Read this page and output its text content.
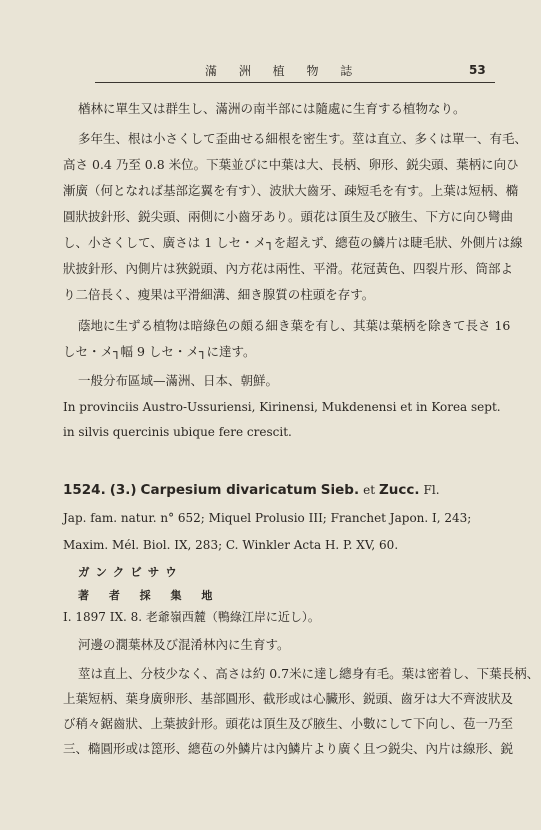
滿 洲 植 物 誌	53
楢林に單生又は群生し、滿洲の南半部には隨處に生育する植物なり。
多年生、根は小さくして歪曲せる細根を密生す。莖は直立、多くは單一、有毛、
高さ 0.4 乃至 0.8 米位。下葉並びに中葉は大、長柄、卵形、鋭尖頭、葉柄に向ひ
漸廣（何となれば基部迄翼を有す）、波狀大齒牙、疎短毛を有す。上葉は短柄、橢
圓狀披針形、鋭尖頭、兩側に小齒牙あり。頭花は頂生及び腋生、下方に向ひ彎曲
し、小さくして、廣さは 1 しセ・メ┐を超えず、總苞の鱗片は睫毛狀、外側片は線
狀披針形、內側片は狹鋭頭、內方花は兩性、平滑。花冠黃色、四裂片形、筒部よ
り二倍長く、瘦果は平滑細溝、細き腺質の柱頭を存す。
蔭地に生ずる植物は暗綠色の頗る細き葉を有し、其葉は葉柄を除きて長さ 16
しセ・メ┐幅 9 しセ・メ┐に達す。
一般分布區域—滿洲、日本、朝鮮。
In provinciis Austro-Ussuriensi, Kirinensi, Mukdenensi et in Korea sept.
in silvis quercinis ubique fere crescit.
1524. (3.) Carpesium divaricatum Sieb. et Zucc. Fl.
Jap. fam. natur. n° 652; Miquel Prolusio III; Franchet Japon. I, 243;
Maxim. Mél. Biol. IX, 283; C. Winkler Acta H. P. XV, 60.
ガンクビサウ
著 者 採 集 地
I. 1897 IX. 8. 老爺嶺西麓（鴨綠江岸に近し）。
河邊の濶葉林及び混淆林內に生育す。
莖は直上、分枝少なく、高さは約 0.7米に達し總身有毛。葉は密着し、下葉長柄、
上葉短柄、葉身廣卵形、基部圓形、截形或は心臟形、鋭頭、齒牙は大不齊波狀及
び稍々鋸齒狀、上葉披針形。頭花は頂生及び腋生、小數にして下向し、苞一乃至
三、橢圓形或は箆形、總苞の外鱗片は內鱗片より廣く且つ鋭尖、內片は線形、鋭
